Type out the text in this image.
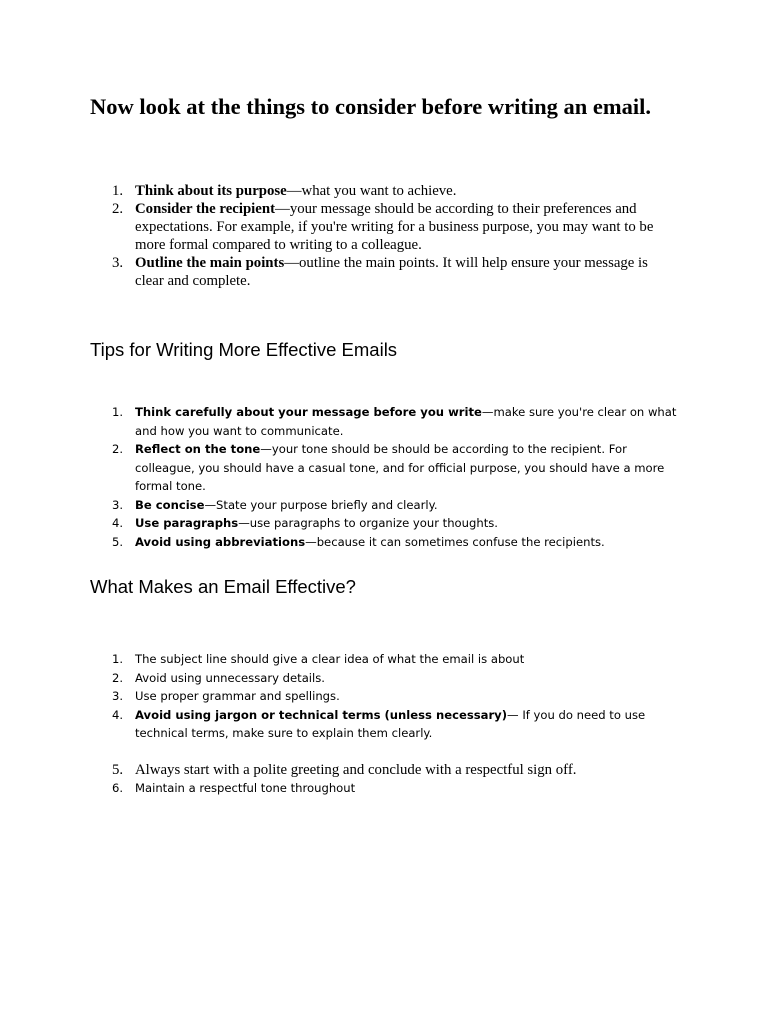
Now look at the things to consider before writing an email.
1. Think about its purpose—what you want to achieve.
2. Consider the recipient—your message should be according to their preferences and expectations. For example, if you're writing for a business purpose, you may want to be more formal compared to writing to a colleague.
3. Outline the main points—outline the main points. It will help ensure your message is clear and complete.
Tips for Writing More Effective Emails
1. Think carefully about your message before you write—make sure you're clear on what and how you want to communicate.
2. Reflect on the tone—your tone should be should be according to the recipient. For colleague, you should have a casual tone, and for official purpose, you should have a more formal tone.
3. Be concise—State your purpose briefly and clearly.
4. Use paragraphs—use paragraphs to organize your thoughts.
5. Avoid using abbreviations—because it can sometimes confuse the recipients.
What Makes an Email Effective?
1. The subject line should give a clear idea of what the email is about
2. Avoid using unnecessary details.
3. Use proper grammar and spellings.
4. Avoid using jargon or technical terms (unless necessary)— If you do need to use technical terms, make sure to explain them clearly.
5. Always start with a polite greeting and conclude with a respectful sign off.
6. Maintain a respectful tone throughout
